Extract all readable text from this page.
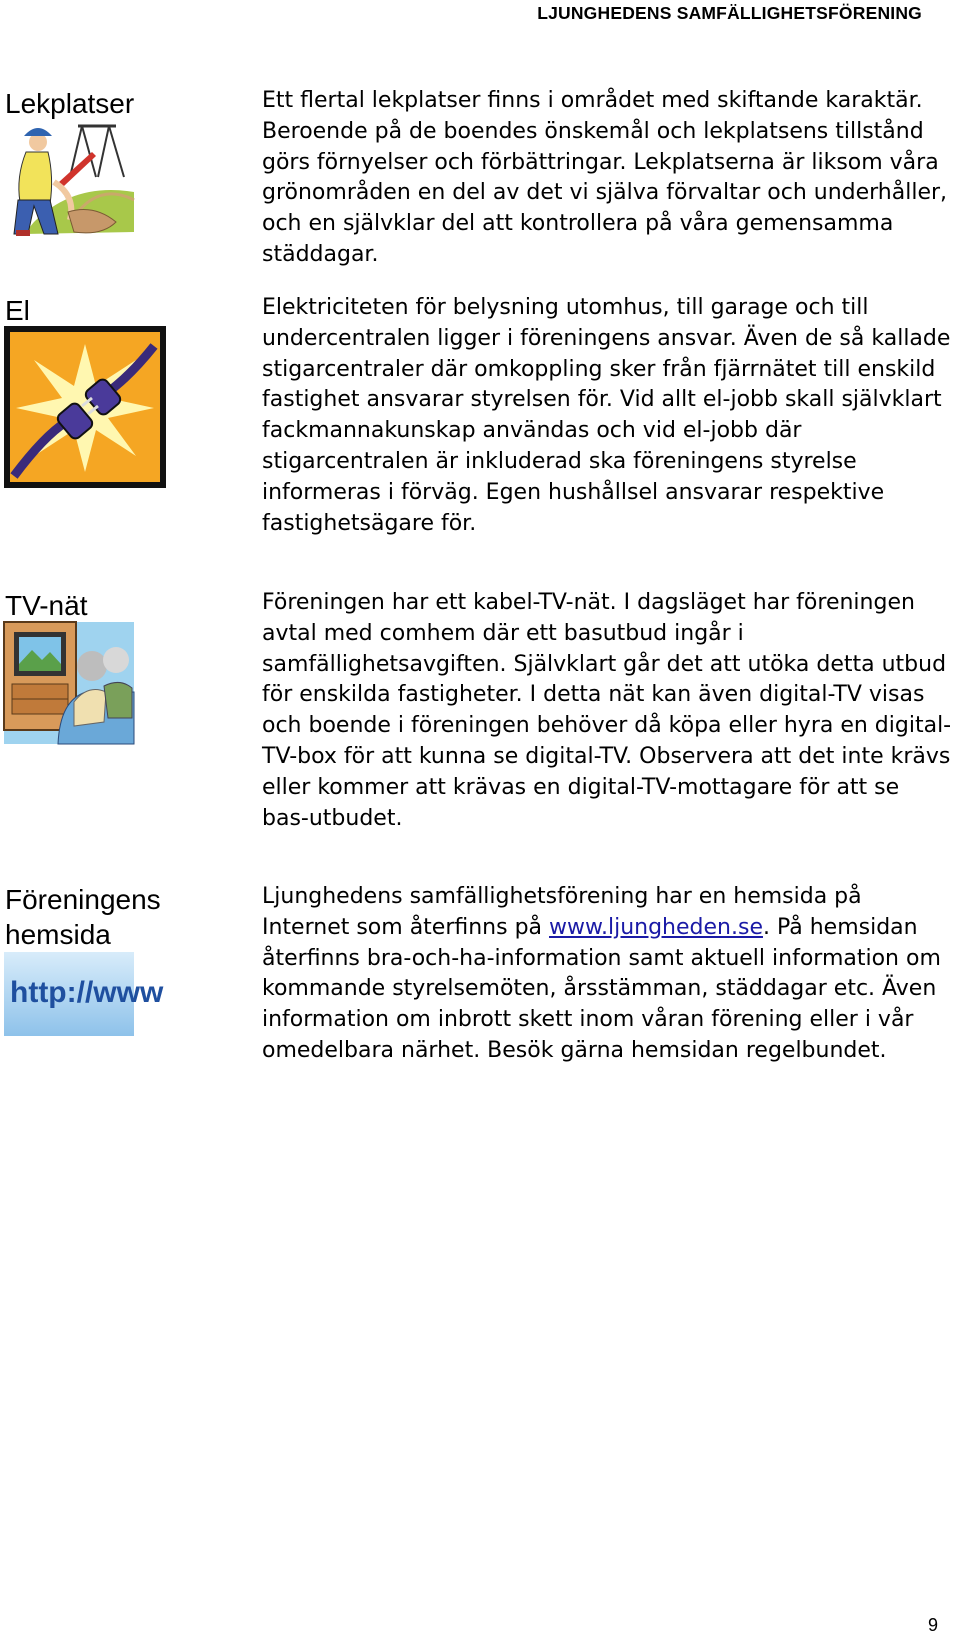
LJUNGHEDENS SAMFÄLLIGHETSFÖRENING
Lekplatser	Ett flertal lekplatser finns i området med skiftande karaktär. Beroende på de boendes önskemål och lekplatsens tillstånd görs förnyelser och förbättringar. Lekplatserna är liksom våra grönområden en del av det vi själva förvaltar och underhåller, och en självklar del att kontrollera på våra gemensamma städdagar.

El	Elektriciteten för belysning utomhus, till garage och till undercentralen ligger i föreningens ansvar. Även de så kallade stigarcentraler där omkoppling sker från fjärrnätet till enskild fastighet ansvarar styrelsen för. Vid allt el-jobb skall självklart fackmannakunskap användas och vid el-jobb där stigarcentralen är inkluderad ska föreningens styrelse informeras i förväg. Egen hushållsel ansvarar respektive fastighetsägare för.

TV-nät	Föreningen har ett kabel-TV-nät. I dagsläget har föreningen avtal med comhem där ett basutbud ingår i samfällighetsavgiften. Självklart går det att utöka detta utbud för enskilda fastigheter. I detta nät kan även digital-TV visas och boende i föreningen behöver då köpa eller hyra en digital-TV-box för att kunna se digital-TV. Observera att det inte krävs eller kommer att krävas en digital-TV-mottagare för att se bas-utbudet.

Föreningens
hemsida
http://www

Ljunghedens samfällighetsförening har en hemsida på Internet som återfinns på www.ljungheden.se. På hemsidan återfinns bra-och-ha-information samt aktuell information om kommande styrelsemöten, årsstämman, städdagar etc. Även information om inbrott skett inom våran förening eller i vår omedelbara närhet. Besök gärna hemsidan regelbundet.

9
